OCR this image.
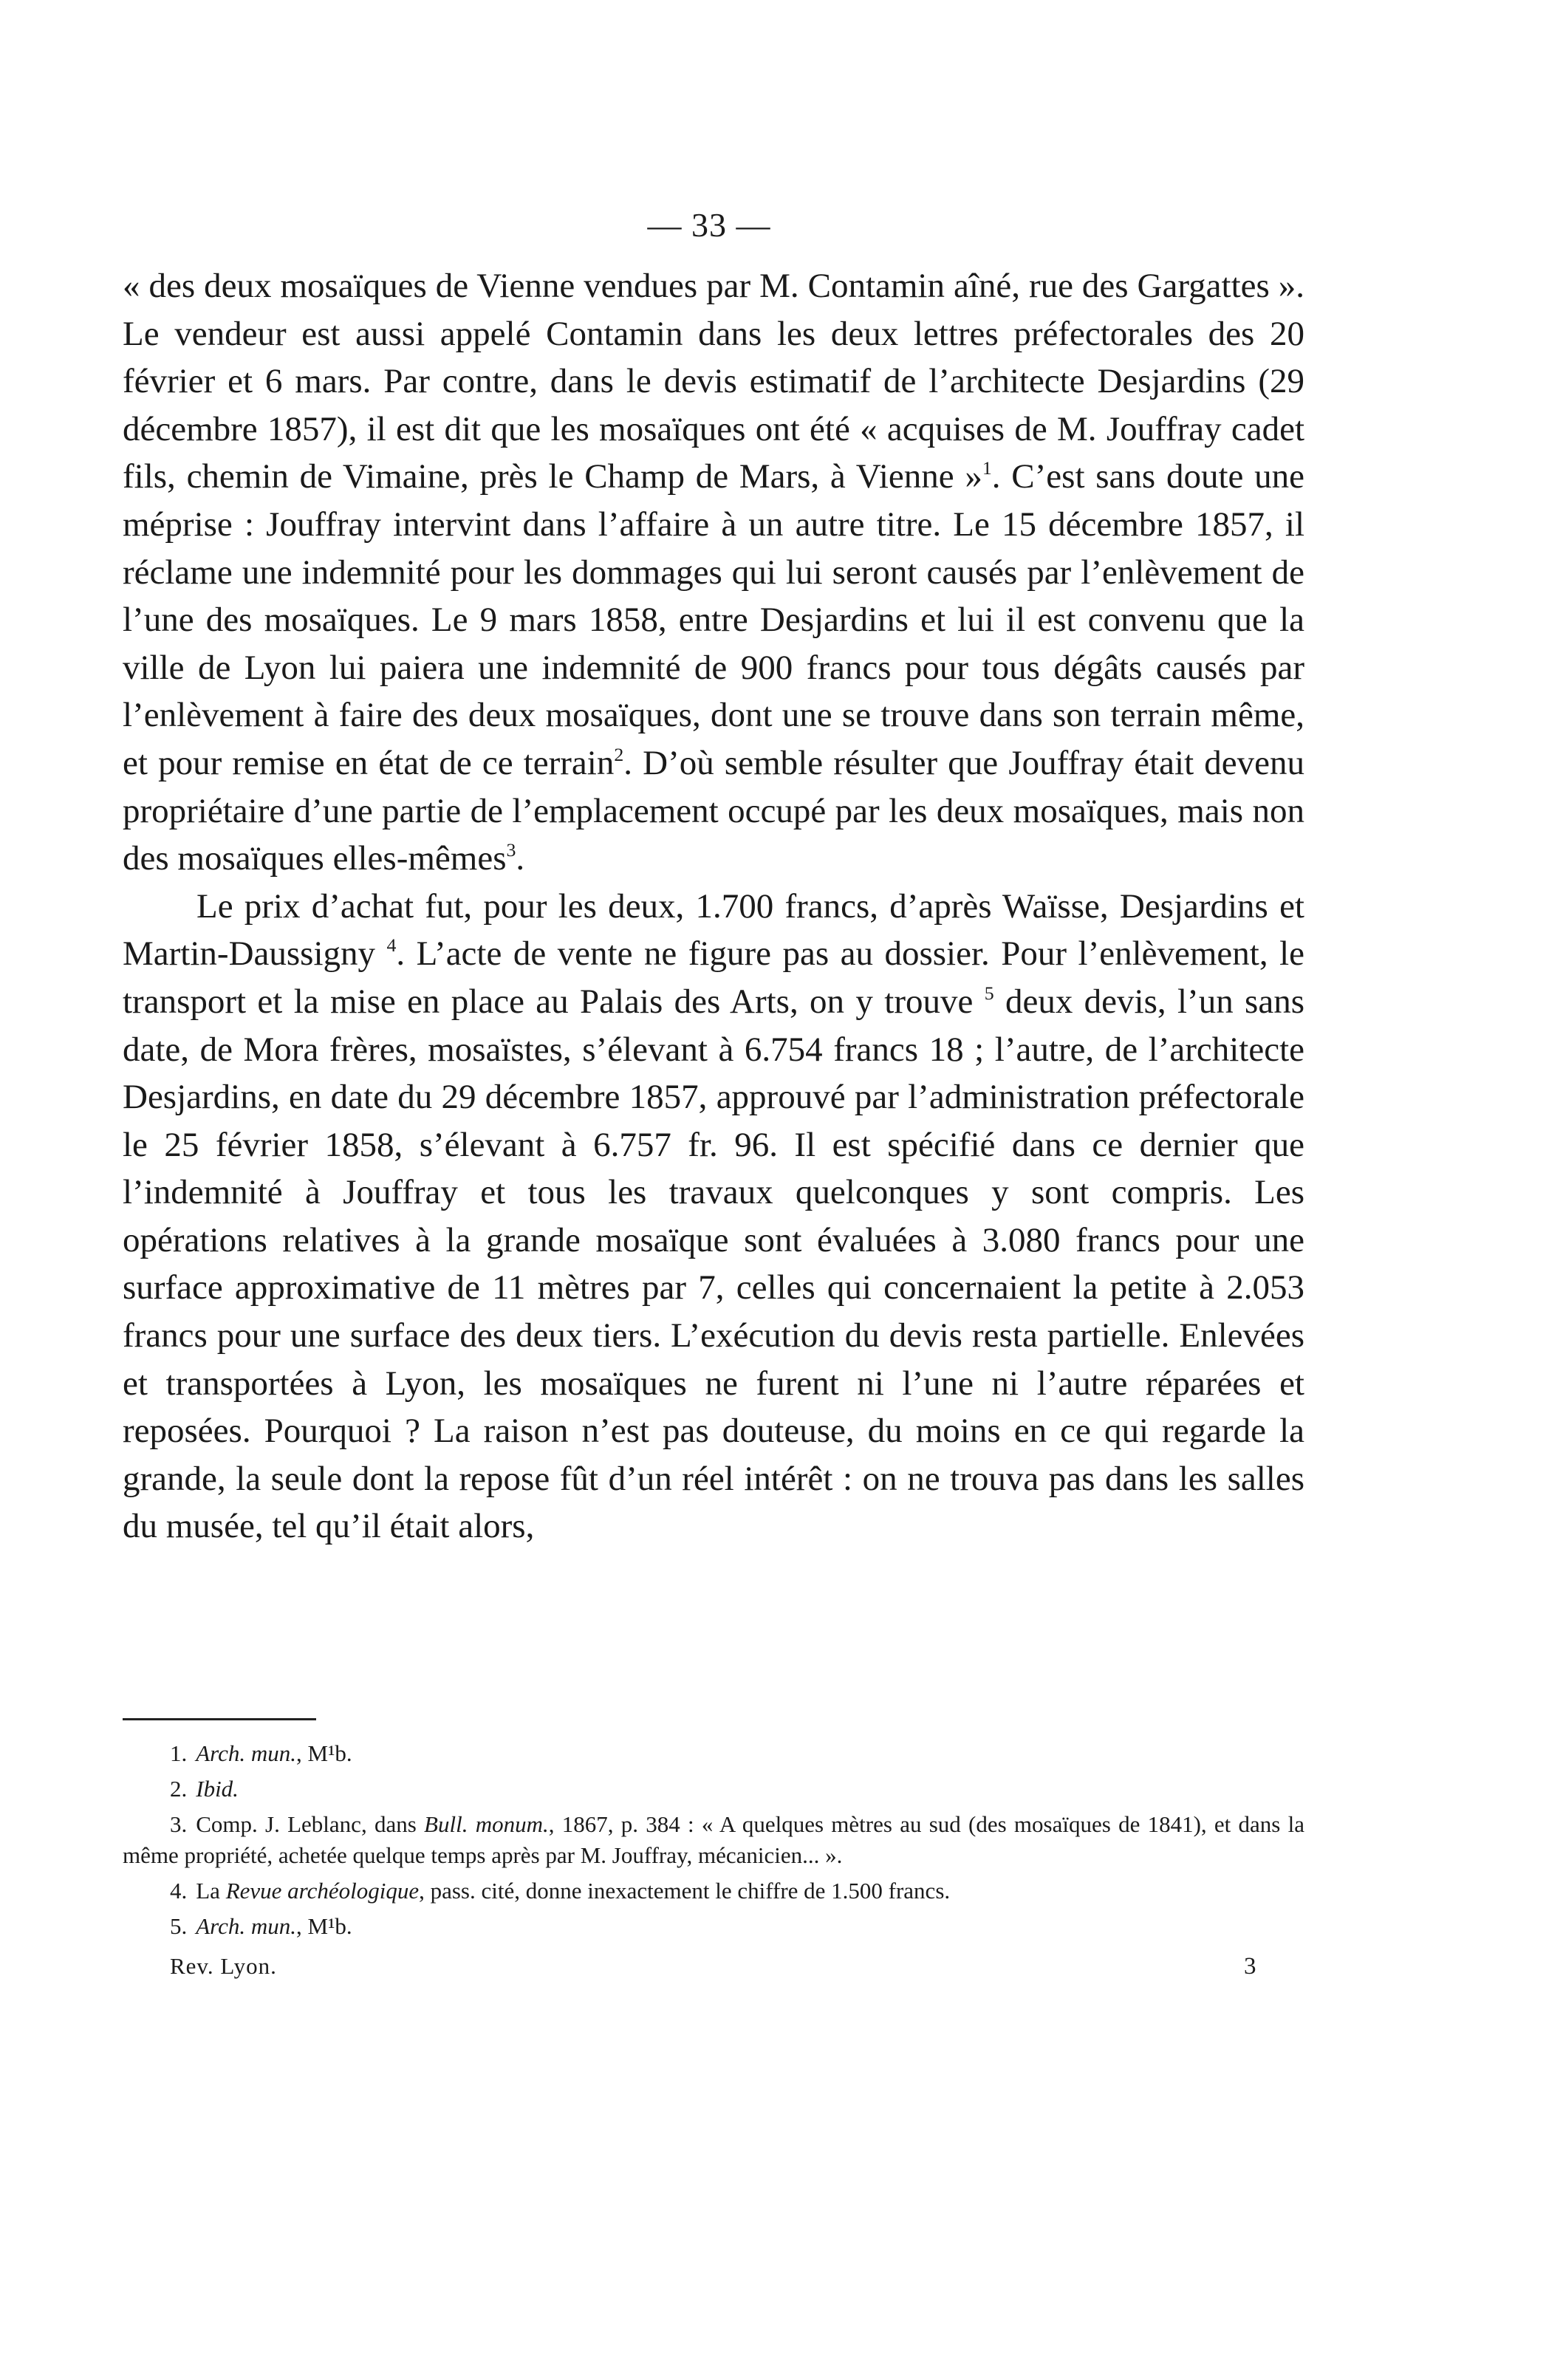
— 33 —

« des deux mosaïques de Vienne vendues par M. Contamin aîné, rue des Gargattes ». Le vendeur est aussi appelé Contamin dans les deux lettres préfectorales des 20 février et 6 mars. Par contre, dans le devis estimatif de l’architecte Desjardins (29 décembre 1857), il est dit que les mosaïques ont été « acquises de M. Jouffray cadet fils, chemin de Vimaine, près le Champ de Mars, à Vienne »$^1$. C’est sans doute une méprise : Jouffray intervint dans l’affaire à un autre titre. Le 15 décembre 1857, il réclame une indemnité pour les dommages qui lui seront causés par l’enlèvement de l’une des mosaïques. Le 9 mars 1858, entre Desjardins et lui il est convenu que la ville de Lyon lui paiera une indemnité de 900 francs pour tous dégâts causés par l’enlèvement à faire des deux mosaïques, dont une se trouve dans son terrain même, et pour remise en état de ce terrain$^2$. D’où semble résulter que Jouffray était devenu propriétaire d’une partie de l’emplacement occupé par les deux mosaïques, mais non des mosaïques elles-mêmes$^3$.

Le prix d’achat fut, pour les deux, 1.700 francs, d’après Waïsse, Desjardins et Martin-Daussigny $^4$. L’acte de vente ne figure pas au dossier. Pour l’enlèvement, le transport et la mise en place au Palais des Arts, on y trouve $^5$ deux devis, l’un sans date, de Mora frères, mosaïstes, s’élevant à 6.754 francs 18 ; l’autre, de l’architecte Desjardins, en date du 29 décembre 1857, approuvé par l’administration préfectorale le 25 février 1858, s’élevant à 6.757 fr. 96. Il est spécifié dans ce dernier que l’indemnité à Jouffray et tous les travaux quelconques y sont compris. Les opérations relatives à la grande mosaïque sont évaluées à 3.080 francs pour une surface approximative de 11 mètres par 7, celles qui concernaient la petite à 2.053 francs pour une surface des deux tiers. L’exécution du devis resta partielle. Enlevées et transportées à Lyon, les mosaïques ne furent ni l’une ni l’autre réparées et reposées. Pourquoi ? La raison n’est pas douteuse, du moins en ce qui regarde la grande, la seule dont la repose fût d’un réel intérêt : on ne trouva pas dans les salles du musée, tel qu’il était alors,

1. Arch. mun., M¹b.

2. Ibid.

3. Comp. J. Leblanc, dans Bull. monum., 1867, p. 384 : « A quelques mètres au sud (des mosaïques de 1841), et dans la même propriété, achetée quelque temps après par M. Jouffray, mécanicien... ».

4. La Revue archéologique, pass. cité, donne inexactement le chiffre de 1.500 francs.

5. Arch. mun., M¹b.

Rev. Lyon.	3
